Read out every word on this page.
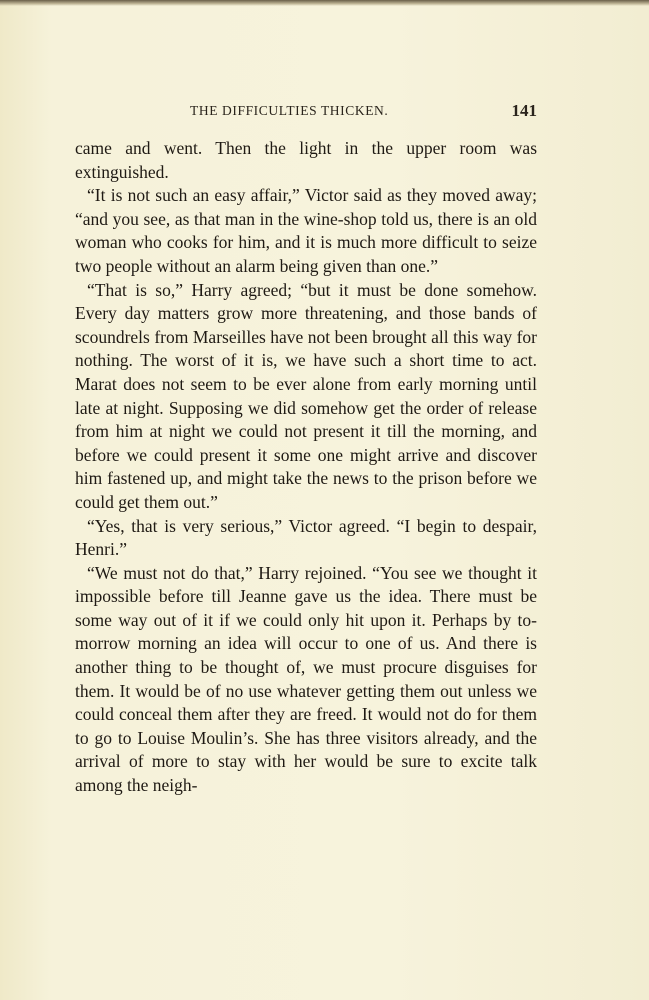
THE DIFFICULTIES THICKEN.	141

came and went. Then the light in the upper room was extinguished.

“It is not such an easy affair,” Victor said as they moved away; “and you see, as that man in the wine-shop told us, there is an old woman who cooks for him, and it is much more difficult to seize two people without an alarm being given than one.”

“That is so,” Harry agreed; “but it must be done somehow. Every day matters grow more threatening, and those bands of scoundrels from Marseilles have not been brought all this way for nothing. The worst of it is, we have such a short time to act. Marat does not seem to be ever alone from early morning until late at night. Supposing we did somehow get the order of release from him at night we could not present it till the morning, and before we could present it some one might arrive and discover him fastened up, and might take the news to the prison before we could get them out.”

“Yes, that is very serious,” Victor agreed. “I begin to despair, Henri.”

“We must not do that,” Harry rejoined. “You see we thought it impossible before till Jeanne gave us the idea. There must be some way out of it if we could only hit upon it. Perhaps by to-morrow morning an idea will occur to one of us. And there is another thing to be thought of, we must procure disguises for them. It would be of no use whatever getting them out unless we could conceal them after they are freed. It would not do for them to go to Louise Moulin’s. She has three visitors already, and the arrival of more to stay with her would be sure to excite talk among the neigh-
